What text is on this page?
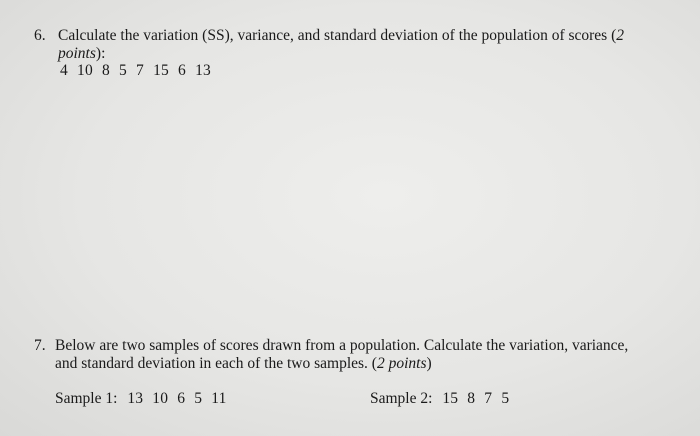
6. Calculate the variation (SS), variance, and standard deviation of the population of scores (2
points):
4 10 8 5 7 15 6 13
7. Below are two samples of scores drawn from a population. Calculate the variation, variance,
and standard deviation in each of the two samples. (2 points)
Sample 1: 13 10 6 5 11	Sample 2: 15 8 7 5
